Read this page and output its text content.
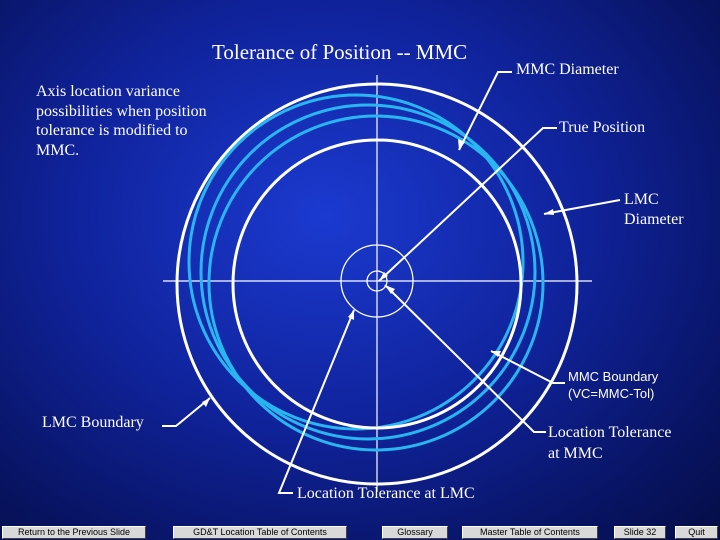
Tolerance of Position -- MMC
Axis location variance
possibilities when position
tolerance is modified to
MMC.
MMC Diameter
True Position
LMC
Diameter
MMC Boundary
(VC=MMC-Tol)
LMC Boundary
Location Tolerance
at MMC
Location Tolerance at LMC
Return to the Previous Slide	GD&T Location Table of Contents	Glossary	Master Table of Contents	Slide 32	Quit
